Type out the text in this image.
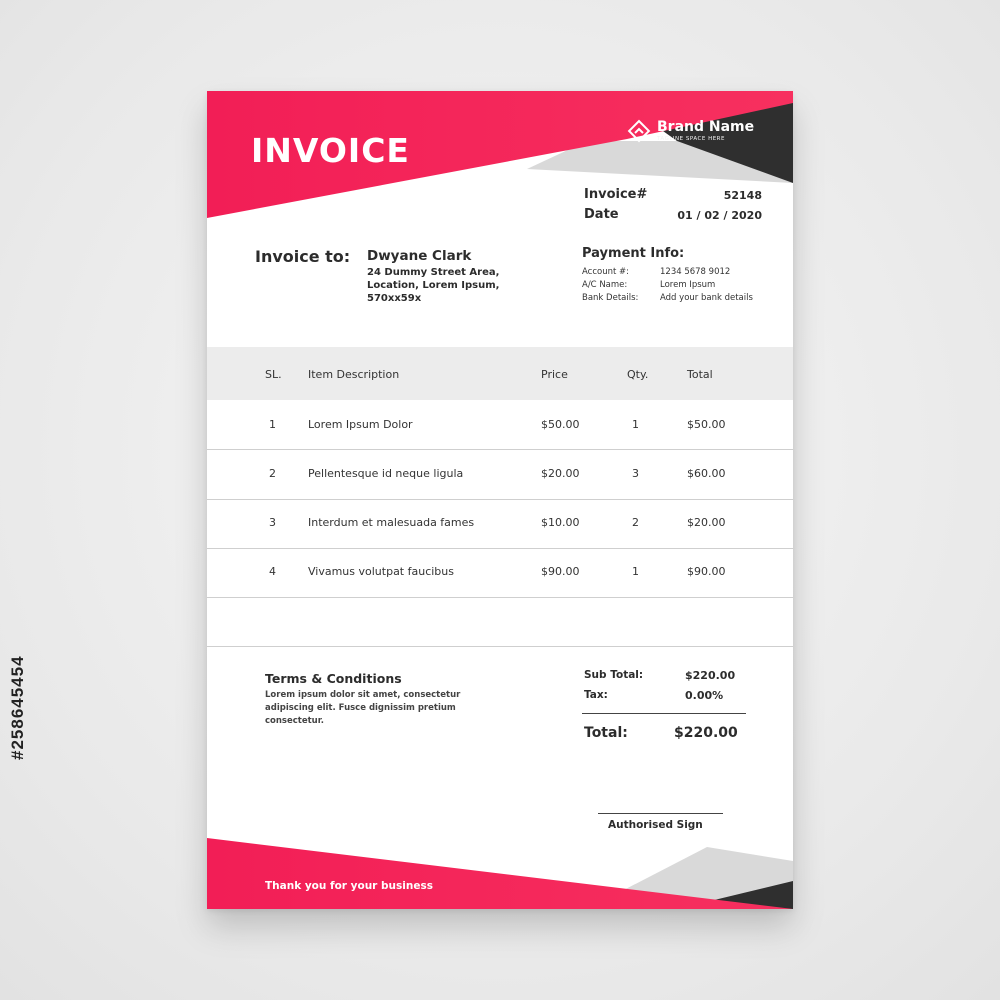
#258645454
INVOICE
Brand Name
TAGLINE SPACE HERE
Invoice#	52148
Date	01 / 02 / 2020
Invoice to: Dwyane Clark
24 Dummy Street Area, Location, Lorem Ipsum, 570xx59x
Payment Info:
Account #:	1234 5678 9012
A/C Name:	Lorem Ipsum
Bank Details:	Add your bank details
SL. Item Description	Price	Qty.	Total
1	Lorem Ipsum Dolor	$50.00	1	$50.00
2	Pellentesque id neque ligula	$20.00	3	$60.00
3	Interdum et malesuada fames	$10.00	2	$20.00
4	Vivamus volutpat faucibus	$90.00	1	$90.00
Terms & Conditions
Lorem ipsum dolor sit amet, consectetur adipiscing elit. Fusce dignissim pretium consectetur.
Sub Total:	$220.00
Tax:	0.00%
Total:	$220.00
Authorised Sign
Thank you for your business
